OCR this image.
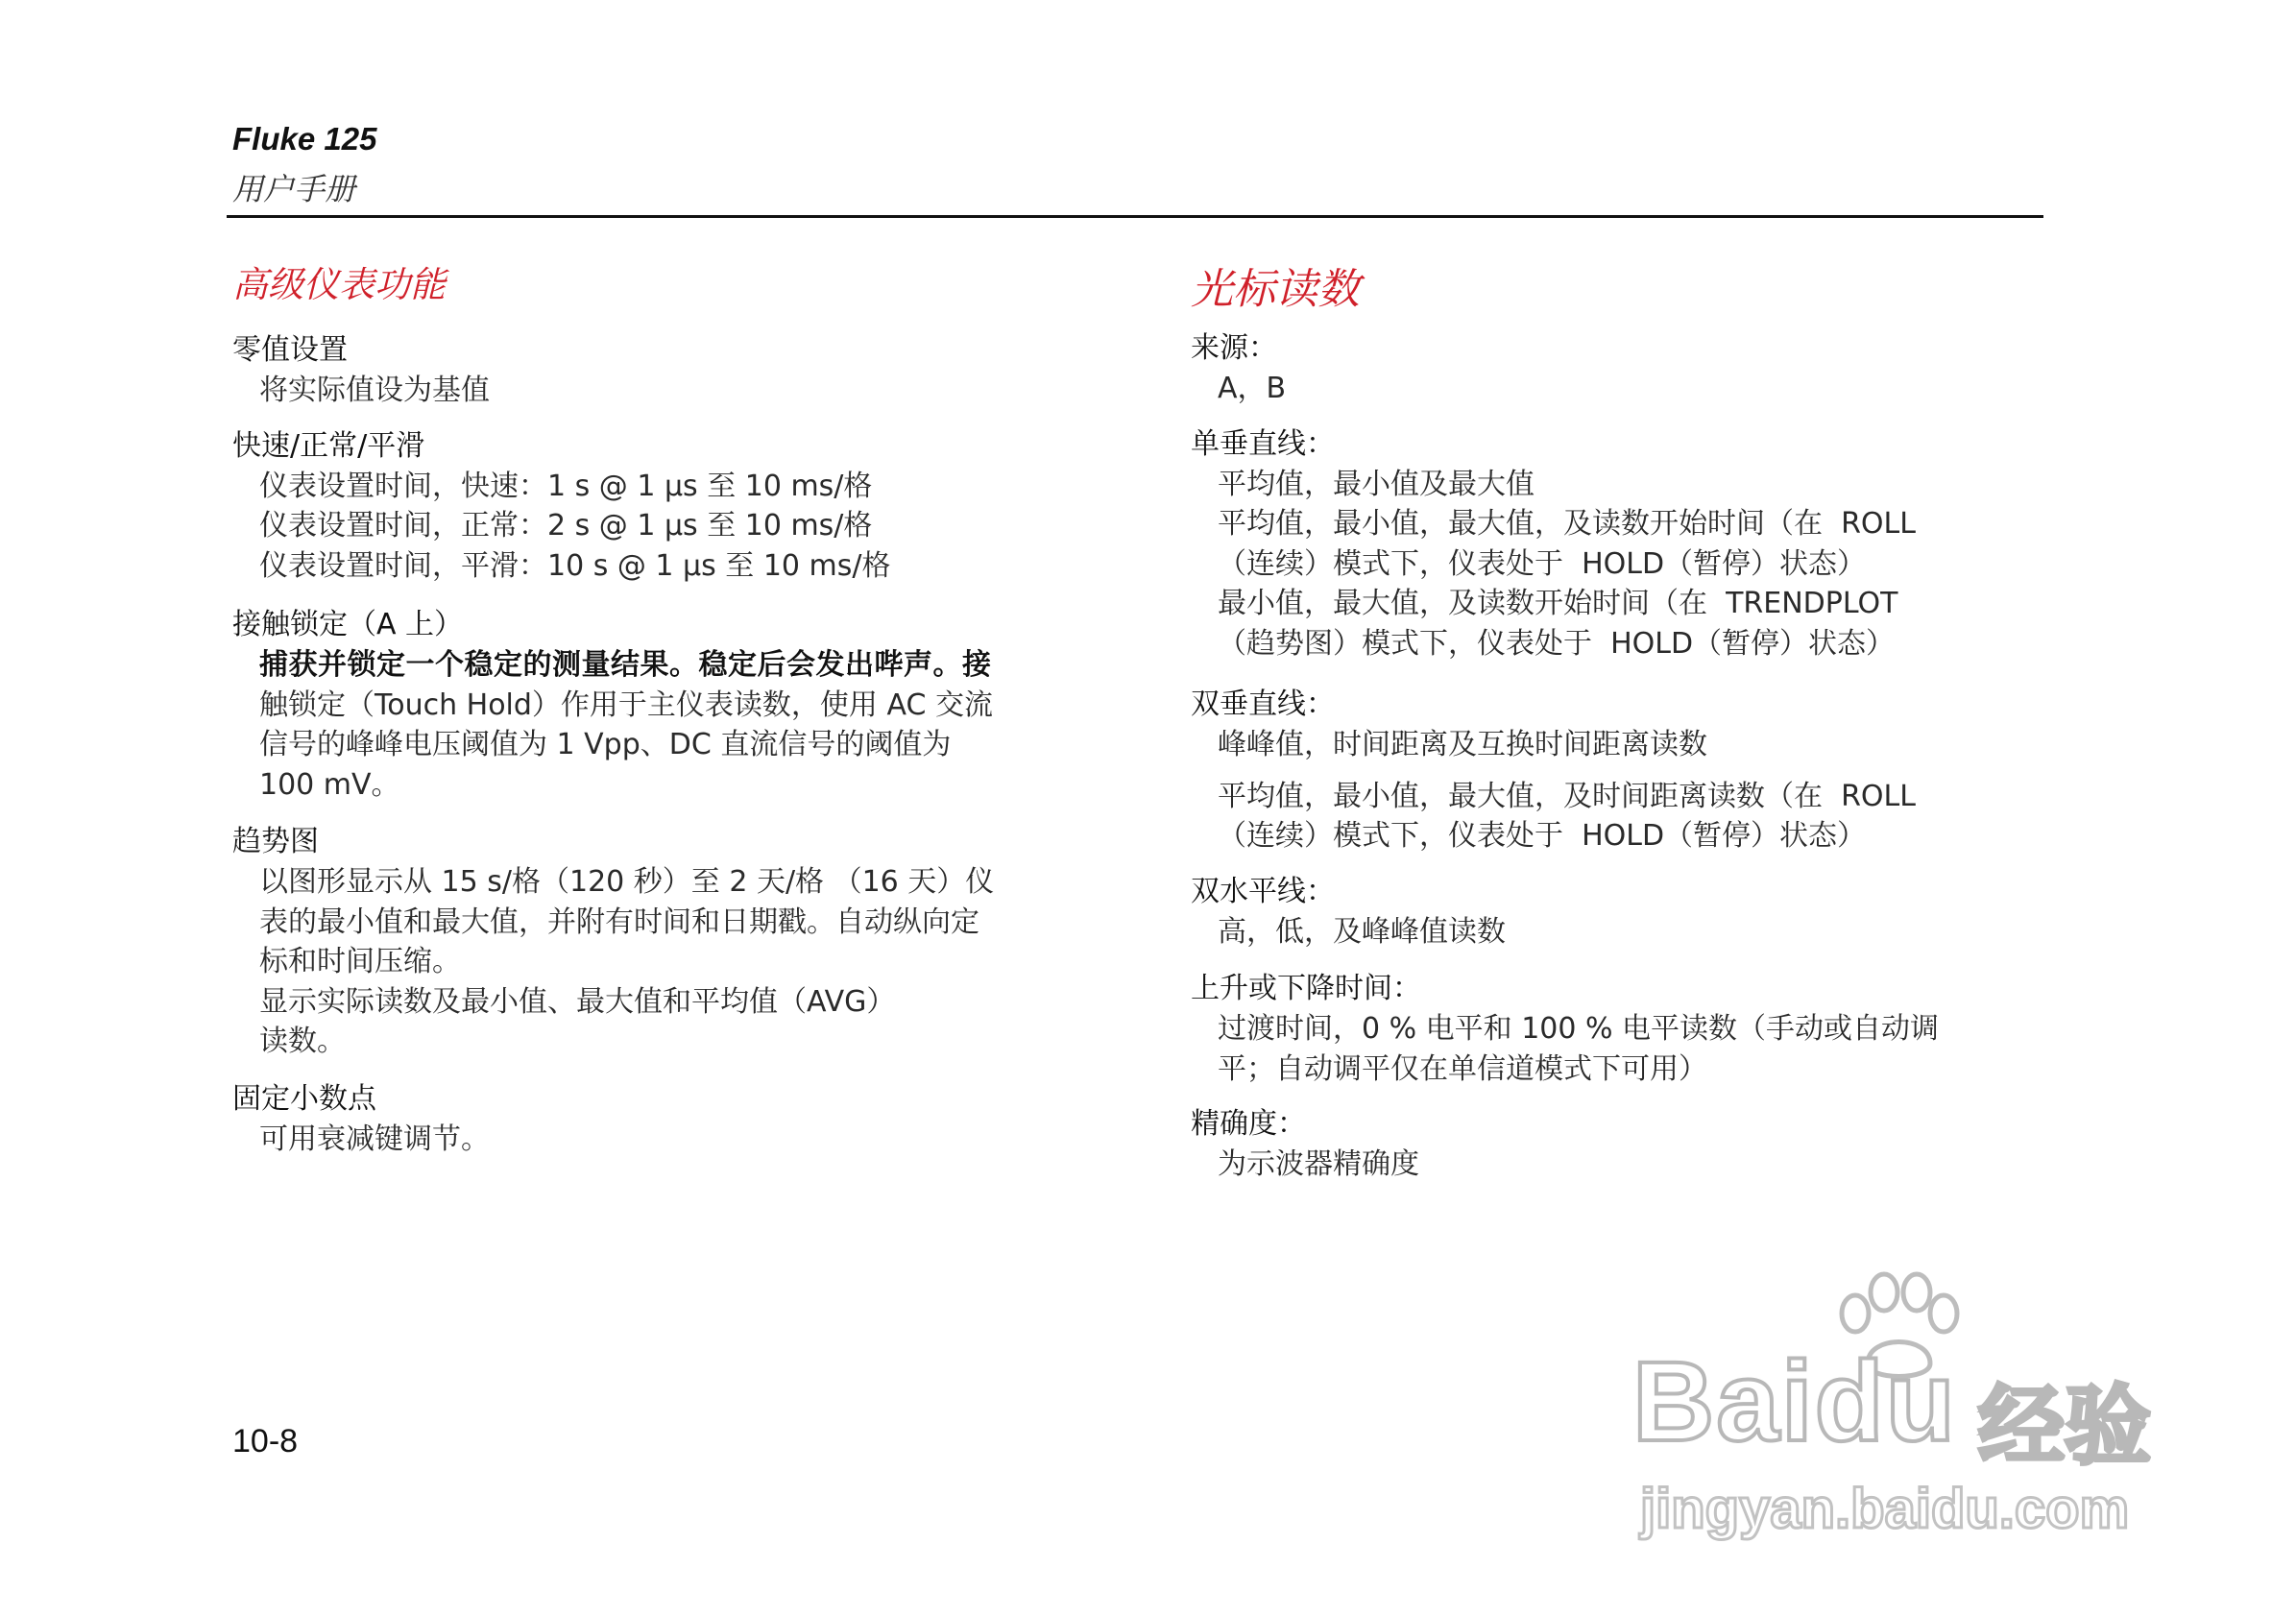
Fluke 125
用户手册
高级仪表功能
零值设置

将实际值设为基值

快速/正常/平滑

仪表设置时间，快速：1 s @ 1 µs 至 10 ms/格

仪表设置时间，正常：2 s @ 1 µs 至 10 ms/格

仪表设置时间，平滑：10 s @ 1 µs 至 10 ms/格

接触锁定（A 上）

捕获并锁定一个稳定的测量结果。稳定后会发出哔声。接

触锁定（Touch Hold）作用于主仪表读数，使用 AC 交流

信号的峰峰电压阈值为 1 Vpp、DC 直流信号的阈值为

100 mV。

趋势图

以图形显示从 15 s/格（120 秒）至 2 天/格 （16 天）仪

表的最小值和最大值，并附有时间和日期戳。自动纵向定

标和时间压缩。

显示实际读数及最小值、最大值和平均值（AVG）

读数。

固定小数点

可用衰减键调节。

光标读数
来源：

A，B

单垂直线：

平均值，最小值及最大值

平均值，最小值，最大值，及读数开始时间（在  ROLL

（连续）模式下，仪表处于  HOLD（暂停）状态）

最小值，最大值，及读数开始时间（在  TRENDPLOT

（趋势图）模式下，仪表处于  HOLD（暂停）状态）

双垂直线：

峰峰值，时间距离及互换时间距离读数

平均值，最小值，最大值，及时间距离读数（在  ROLL

（连续）模式下，仪表处于  HOLD（暂停）状态）

双水平线：

高，低，及峰峰值读数

上升或下降时间：

过渡时间，0 % 电平和 100 % 电平读数（手动或自动调

平；自动调平仅在单信道模式下可用）

精确度：

为示波器精确度

10-8	Baidu 经验
jingyan.baidu.com
